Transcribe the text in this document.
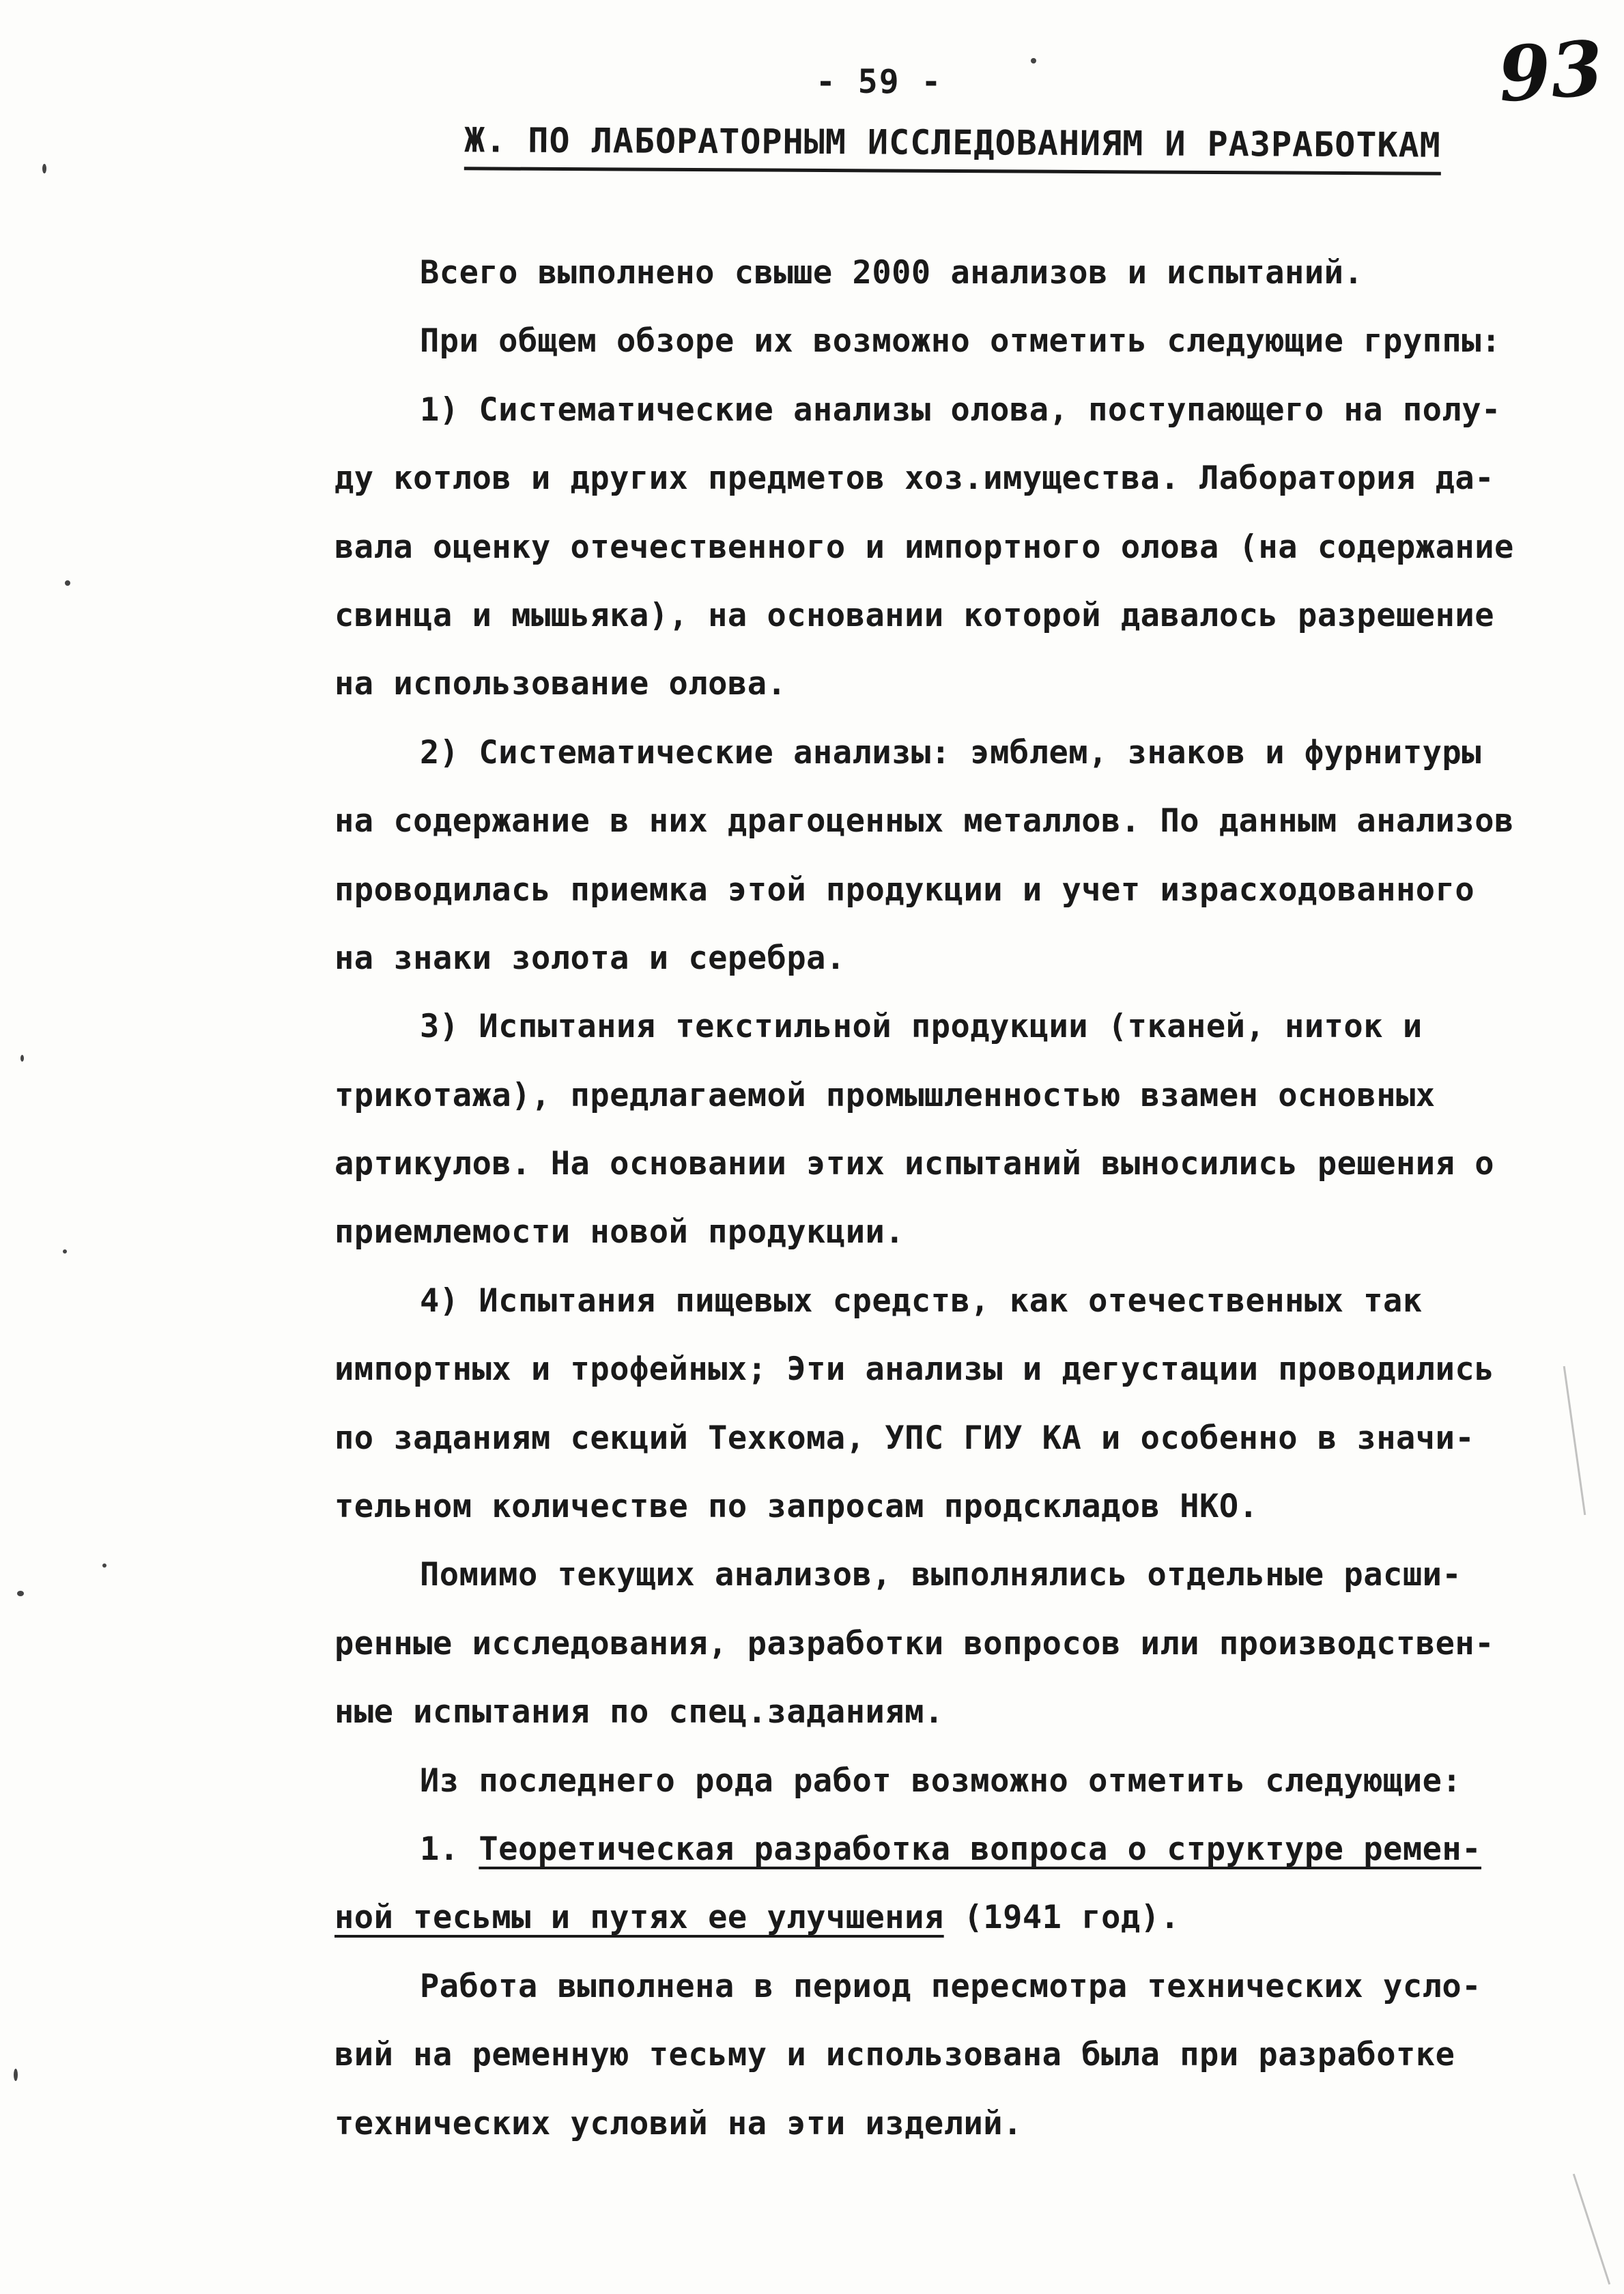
- 59 -	93
Ж. ПО ЛАБОРАТОРНЫМ ИССЛЕДОВАНИЯМ И РАЗРАБОТКАМ
Всего выполнено свыше 2000 анализов и испытаний.
При общем обзоре их возможно отметить следующие группы:
1) Систематические анализы олова, поступающего на полу-
ду котлов и других предметов хоз.имущества. Лаборатория да-
вала оценку отечественного и импортного олова (на содержание
свинца и мышьяка), на основании которой давалось разрешение
на использование олова.
2) Систематические анализы: эмблем, знаков и фурнитуры
на содержание в них драгоценных металлов. По данным анализов
проводилась приемка этой продукции и учет израсходованного
на знаки золота и серебра.
3) Испытания текстильной продукции (тканей, ниток и
трикотажа), предлагаемой промышленностью взамен основных
артикулов. На основании этих испытаний выносились решения о
приемлемости новой продукции.
4) Испытания пищевых средств, как отечественных так
импортных и трофейных; Эти анализы и дегустации проводились
по заданиям секций Техкома, УПС ГИУ КА и особенно в значи-
тельном количестве по запросам продскладов НКО.
Помимо текущих анализов, выполнялись отдельные расши-
ренные исследования, разработки вопросов или производствен-
ные испытания по спец.заданиям.
Из последнего рода работ возможно отметить следующие:
1. Теоретическая разработка вопроса о структуре ремен-
ной тесьмы и путях ее улучшения (1941 год).
Работа выполнена в период пересмотра технических усло-
вий на ременную тесьму и использована была при разработке
технических условий на эти изделий.
